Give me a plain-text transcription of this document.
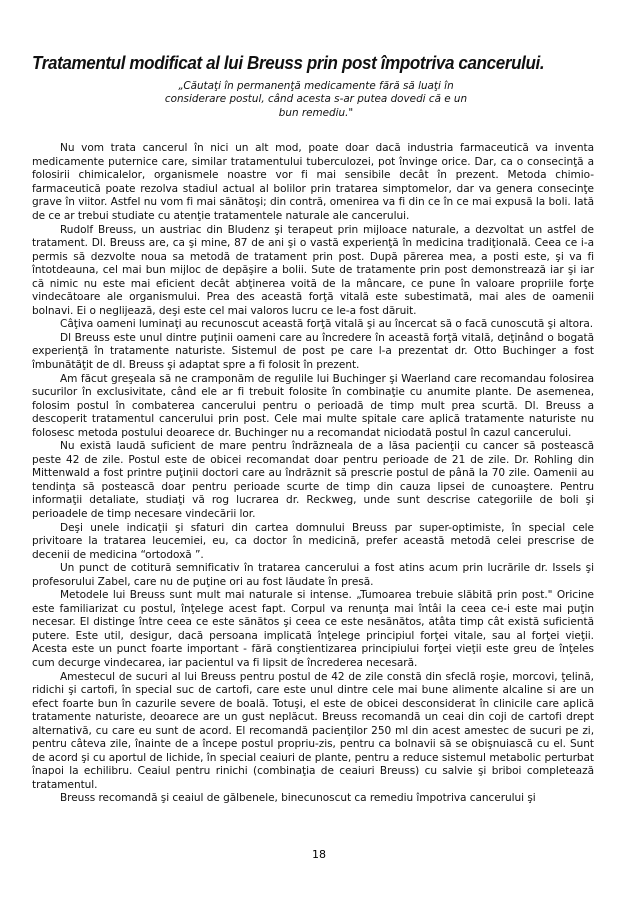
Tratamentul modificat al lui Breuss prin post împotriva cancerului.
„Căutaţi în permanenţă medicamente fără să luaţi în considerare postul, când acesta s-ar putea dovedi că e un bun remediu."

Nu vom trata cancerul în nici un alt mod, poate doar dacă industria farmaceutică va inventa medicamente puternice care, similar tratamentului tuberculozei, pot învinge orice. Dar, ca o consecinţă a folosirii chimicalelor, organismele noastre vor fi mai sensibile decât în prezent. Metoda chimio-farmaceutică poate rezolva stadiul actual al bolilor prin tratarea simptomelor, dar va genera consecinţe grave în viitor. Astfel nu vom fi mai sănătoşi; din contră, omenirea va fi din ce în ce mai expusă la boli. Iată de ce ar trebui studiate cu atenţie tratamentele naturale ale cancerului.

Rudolf Breuss, un austriac din Bludenz şi terapeut prin mijloace naturale, a dezvoltat un astfel de tratament. Dl. Breuss are, ca şi mine, 87 de ani şi o vastă experienţă în medicina tradiţională. Ceea ce i-a permis să dezvolte noua sa metodă de tratament prin post. După părerea mea, a posti este, şi va fi întotdeauna, cel mai bun mijloc de depăşire a bolii. Sute de tratamente prin post demonstrează iar şi iar că nimic nu este mai eficient decât abţinerea voită de la mâncare, ce pune în valoare propriile forţe vindecătoare ale organismului. Prea des această forţă vitală este subestimată, mai ales de oamenii bolnavi. Ei o neglijează, deşi este cel mai valoros lucru ce le-a fost dăruit.

Câţiva oameni luminaţi au recunoscut această forţă vitală şi au încercat să o facă cunoscută şi altora.

Dl Breuss este unul dintre puţinii oameni care au încredere în această forţă vitală, deţinând o bogată experienţă în tratamente naturiste. Sistemul de post pe care l-a prezentat dr. Otto Buchinger a fost îmbunătăţit de dl. Breuss şi adaptat spre a fi folosit în prezent.

Am făcut greşeala să ne cramponăm de regulile lui Buchinger şi Waerland care recomandau folosirea sucurilor în exclusivitate, când ele ar fi trebuit folosite în combinaţie cu anumite plante. De asemenea, folosim postul în combaterea cancerului pentru o perioadă de timp mult prea scurtă. Dl. Breuss a descoperit tratamentul cancerului prin post. Cele mai multe spitale care aplică tratamente naturiste nu folosesc metoda postului deoarece dr. Buchinger nu a recomandat niciodată postul în cazul cancerului.

Nu există laudă suficient de mare pentru îndrăzneala de a lăsa pacienţii cu cancer să postească peste 42 de zile. Postul este de obicei recomandat doar pentru perioade de 21 de zile. Dr. Rohling din Mittenwald a fost printre puţinii doctori care au îndrăznit să prescrie postul de până la 70 zile. Oamenii au tendinţa să postească doar pentru perioade scurte de timp din cauza lipsei de cunoaştere. Pentru informaţii detaliate, studiaţi vă rog lucrarea dr. Reckweg, unde sunt descrise categoriile de boli şi perioadele de timp necesare vindecării lor.

Deşi unele indicaţii şi sfaturi din cartea domnului Breuss par super-optimiste, în special cele privitoare la tratarea leucemiei, eu, ca doctor în medicină, prefer această metodă celei prescrise de decenii de medicina “ortodoxă ”.

Un punct de cotitură semnificativ în tratarea cancerului a fost atins acum prin lucrările dr. Issels şi profesorului Zabel, care nu de puţine ori au fost lăudate în presă.

Metodele lui Breuss sunt mult mai naturale si intense. „Tumoarea trebuie slăbită prin post." Oricine este familiarizat cu postul, înţelege acest fapt. Corpul va renunţa mai întâi la ceea ce-i este mai puţin necesar. El distinge între ceea ce este sănătos şi ceea ce este nesănătos, atâta timp cât există suficientă putere. Este util, desigur, dacă persoana implicată înţelege principiul forţei vitale, sau al forţei vieţii. Acesta este un punct foarte important - fără conştientizarea principiului forţei vieţii este greu de înţeles cum decurge vindecarea, iar pacientul va fi lipsit de încrederea necesară.

Amestecul de sucuri al lui Breuss pentru postul de 42 de zile constă din sfeclă roşie, morcovi, ţelină, ridichi şi cartofi, în special suc de cartofi, care este unul dintre cele mai bune alimente alcaline si are un efect foarte bun în cazurile severe de boală. Totuşi, el este de obicei desconsiderat în clinicile care aplică tratamente naturiste, deoarece are un gust neplăcut. Breuss recomandă un ceai din coji de cartofi drept alternativă, cu care eu sunt de acord. El recomandă pacienţilor 250 ml din acest amestec de sucuri pe zi, pentru câteva zile, înainte de a începe postul propriu-zis, pentru ca bolnavii să se obişnuiască cu el. Sunt de acord şi cu aportul de lichide, în special ceaiuri de plante, pentru a reduce sistemul metabolic perturbat înapoi la echilibru. Ceaiul pentru rinichi (combinaţia de ceaiuri Breuss) cu salvie şi briboi completează tratamentul.

Breuss recomandă şi ceaiul de gălbenele, binecunoscut ca remediu împotriva cancerului şi

18
